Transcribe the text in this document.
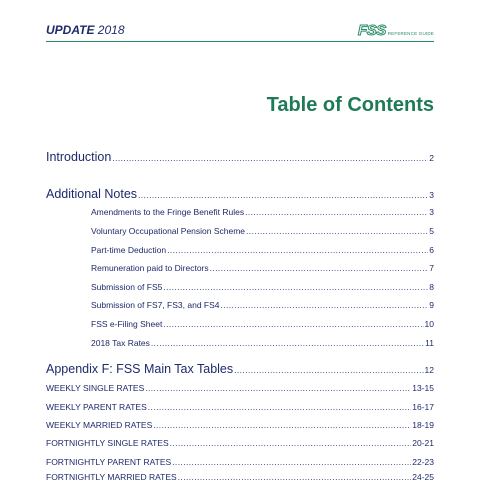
UPDATE 2018	FSS REFERENCE GUIDE
Table of Contents
Introduction .....	2
Additional Notes .....	3
Amendments to the Fringe Benefit Rules .....	3
Voluntary Occupational Pension Scheme .....	5
Part-time Deduction .....	6
Remuneration paid to Directors .....	7
Submission of FS5 .....	8
Submission of FS7, FS3, and FS4 .....	9
FSS e-Filing Sheet .....	10
2018 Tax Rates .....	11
Appendix F: FSS Main Tax Tables .....	12
WEEKLY SINGLE RATES .....	13-15
WEEKLY PARENT RATES .....	16-17
WEEKLY MARRIED RATES .....	18-19
FORTNIGHTLY SINGLE RATES .....	20-21
FORTNIGHTLY PARENT RATES .....	22-23
FORTNIGHTLY MARRIED RATES .....	24-25
